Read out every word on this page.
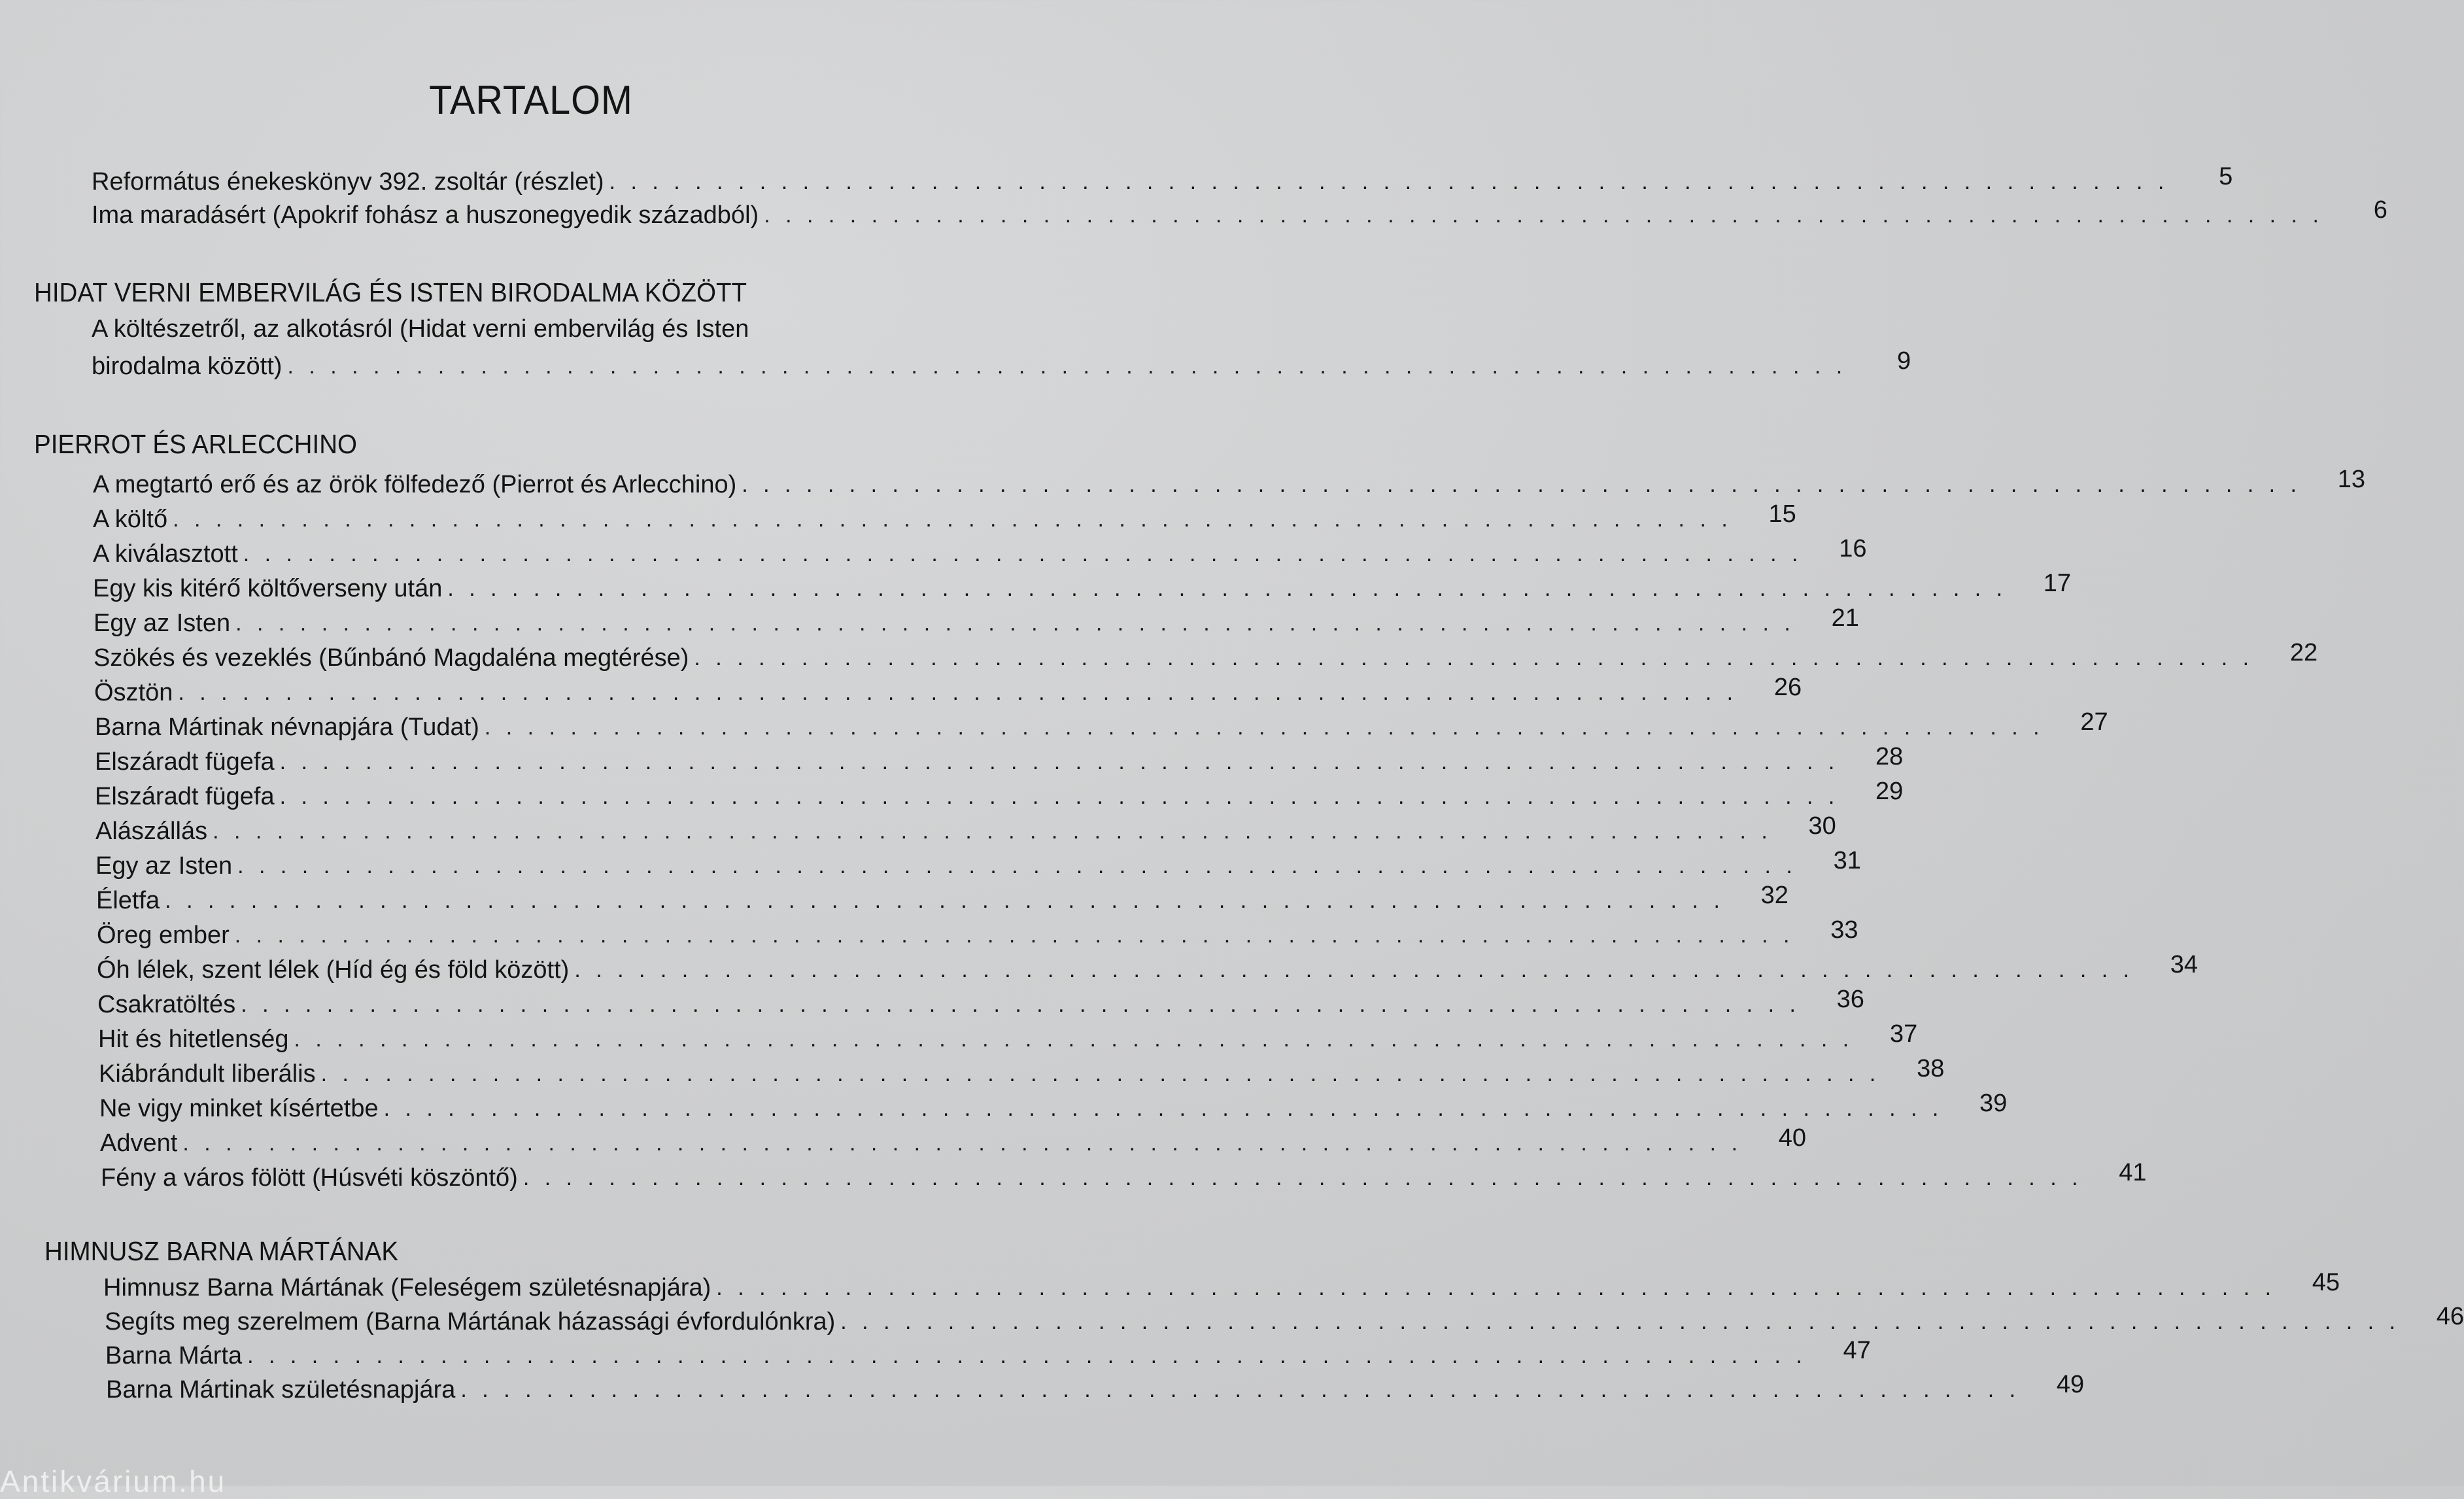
TARTALOM
Református énekeskönyv 392. zsoltár (részlet) . . . . . . . . . . . . . . . . . . . . . . . . . . . . . . . . . . . . . . . . . . . . . . . . . . . . . . . . . . . . . . . . . . . . . . . . .	5
Ima maradásért (Apokrif fohász a huszonegyedik századból) . . . . . . . . . . . . . . . . . . . . . . . . . . . . . . . . . . . . . . . . . . . . . . . . . . . . . . . . . . . . . . . . . . . . . . . . .	6
HIDAT VERNI EMBERVILÁG ÉS ISTEN BIRODALMA KÖZÖTT
A költészetről, az alkotásról (Hidat verni embervilág és Isten
birodalma között) . . . . . . . . . . . . . . . . . . . . . . . . . . . . . . . . . . . . . . . . . . . . . . . . . . . . . . . . . . . . . . . . . . . . . . . . .	9
PIERROT ÉS ARLECCHINO
A megtartó erő és az örök fölfedező (Pierrot és Arlecchino) . . . . . . . . . . . . . . . . . . . . . . . . . . . . . . . . . . . . . . . . . . . . . . . . . . . . . . . . . . . . . . . . . . . . . . . . .	13
A költő . . . . . . . . . . . . . . . . . . . . . . . . . . . . . . . . . . . . . . . . . . . . . . . . . . . . . . . . . . . . . . . . . . . . . . . . .	15
A kiválasztott . . . . . . . . . . . . . . . . . . . . . . . . . . . . . . . . . . . . . . . . . . . . . . . . . . . . . . . . . . . . . . . . . . . . . . . . .	16
Egy kis kitérő költőverseny után . . . . . . . . . . . . . . . . . . . . . . . . . . . . . . . . . . . . . . . . . . . . . . . . . . . . . . . . . . . . . . . . . . . . . . . . .	17
Egy az Isten . . . . . . . . . . . . . . . . . . . . . . . . . . . . . . . . . . . . . . . . . . . . . . . . . . . . . . . . . . . . . . . . . . . . . . . . .	21
Szökés és vezeklés (Bűnbánó Magdaléna megtérése) . . . . . . . . . . . . . . . . . . . . . . . . . . . . . . . . . . . . . . . . . . . . . . . . . . . . . . . . . . . . . . . . . . . . . . . . .	22
Ösztön . . . . . . . . . . . . . . . . . . . . . . . . . . . . . . . . . . . . . . . . . . . . . . . . . . . . . . . . . . . . . . . . . . . . . . . . .	26
Barna Mártinak névnapjára (Tudat) . . . . . . . . . . . . . . . . . . . . . . . . . . . . . . . . . . . . . . . . . . . . . . . . . . . . . . . . . . . . . . . . . . . . . . . . .	27
Elszáradt fügefa . . . . . . . . . . . . . . . . . . . . . . . . . . . . . . . . . . . . . . . . . . . . . . . . . . . . . . . . . . . . . . . . . . . . . . . . .	28
Elszáradt fügefa . . . . . . . . . . . . . . . . . . . . . . . . . . . . . . . . . . . . . . . . . . . . . . . . . . . . . . . . . . . . . . . . . . . . . . . . .	29
Alászállás . . . . . . . . . . . . . . . . . . . . . . . . . . . . . . . . . . . . . . . . . . . . . . . . . . . . . . . . . . . . . . . . . . . . . . . . .	30
Egy az Isten . . . . . . . . . . . . . . . . . . . . . . . . . . . . . . . . . . . . . . . . . . . . . . . . . . . . . . . . . . . . . . . . . . . . . . . . .	31
Életfa . . . . . . . . . . . . . . . . . . . . . . . . . . . . . . . . . . . . . . . . . . . . . . . . . . . . . . . . . . . . . . . . . . . . . . . . .	32
Öreg ember . . . . . . . . . . . . . . . . . . . . . . . . . . . . . . . . . . . . . . . . . . . . . . . . . . . . . . . . . . . . . . . . . . . . . . . . .	33
Óh lélek, szent lélek (Híd ég és föld között) . . . . . . . . . . . . . . . . . . . . . . . . . . . . . . . . . . . . . . . . . . . . . . . . . . . . . . . . . . . . . . . . . . . . . . . . .	34
Csakratöltés . . . . . . . . . . . . . . . . . . . . . . . . . . . . . . . . . . . . . . . . . . . . . . . . . . . . . . . . . . . . . . . . . . . . . . . . .	36
Hit és hitetlenség . . . . . . . . . . . . . . . . . . . . . . . . . . . . . . . . . . . . . . . . . . . . . . . . . . . . . . . . . . . . . . . . . . . . . . . . .	37
Kiábrándult liberális . . . . . . . . . . . . . . . . . . . . . . . . . . . . . . . . . . . . . . . . . . . . . . . . . . . . . . . . . . . . . . . . . . . . . . . . .	38
Ne vigy minket kísértetbe . . . . . . . . . . . . . . . . . . . . . . . . . . . . . . . . . . . . . . . . . . . . . . . . . . . . . . . . . . . . . . . . . . . . . . . . .	39
Advent . . . . . . . . . . . . . . . . . . . . . . . . . . . . . . . . . . . . . . . . . . . . . . . . . . . . . . . . . . . . . . . . . . . . . . . . .	40
Fény a város fölött (Húsvéti köszöntő) . . . . . . . . . . . . . . . . . . . . . . . . . . . . . . . . . . . . . . . . . . . . . . . . . . . . . . . . . . . . . . . . . . . . . . . . .	41
HIMNUSZ BARNA MÁRTÁNAK
Himnusz Barna Mártának (Feleségem születésnapjára) . . . . . . . . . . . . . . . . . . . . . . . . . . . . . . . . . . . . . . . . . . . . . . . . . . . . . . . . . . . . . . . . . . . . . . . . .	45
Segíts meg szerelmem (Barna Mártának házassági évfordulónkra) . . . . . . . . . . . . . . . . . . . . . . . . . . . . . . . . . . . . . . . . . . . . . . . . . . . . . . . . . . . . . . . . . . . . . . . . .	46
Barna Márta . . . . . . . . . . . . . . . . . . . . . . . . . . . . . . . . . . . . . . . . . . . . . . . . . . . . . . . . . . . . . . . . . . . . . . . . .	47
Barna Mártinak születésnapjára . . . . . . . . . . . . . . . . . . . . . . . . . . . . . . . . . . . . . . . . . . . . . . . . . . . . . . . . . . . . . . . . . . . . . . . . .	49
Antikvárium.hu
